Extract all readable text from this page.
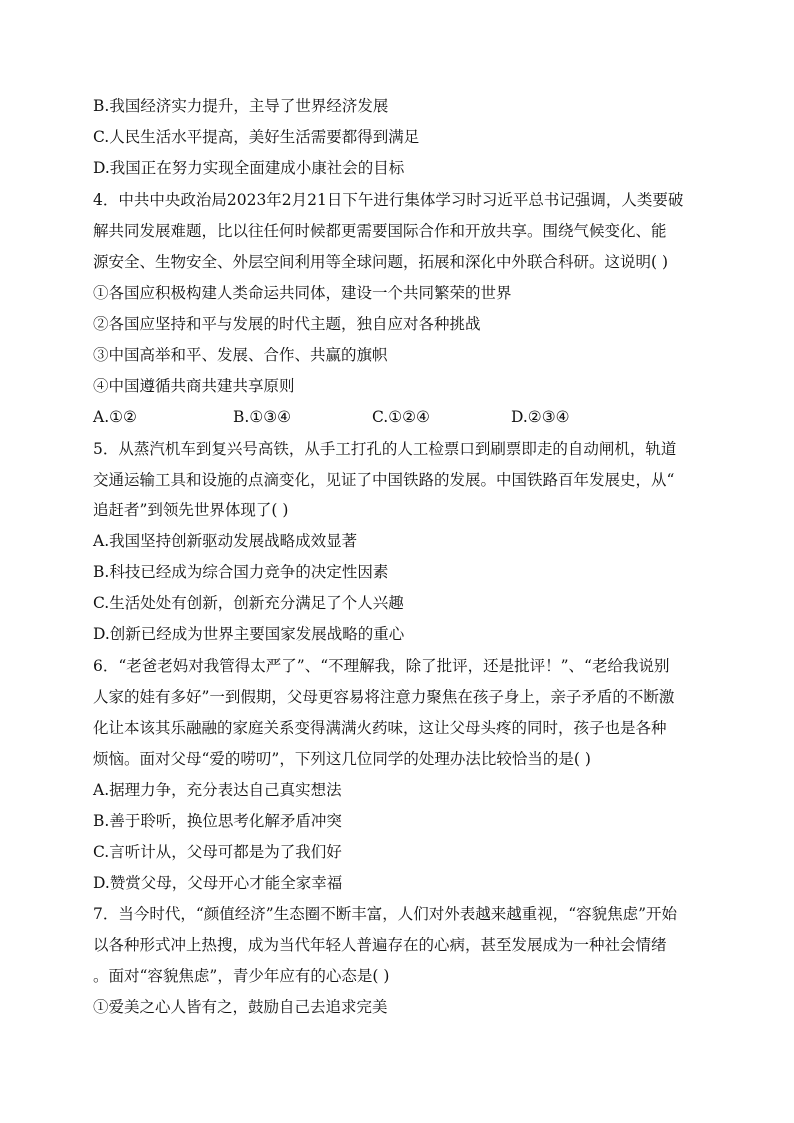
B.我国经济实力提升，主导了世界经济发展
C.人民生活水平提高，美好生活需要都得到满足
D.我国正在努力实现全面建成小康社会的目标
4．中共中央政治局2023年2月21日下午进行集体学习时习近平总书记强调，人类要破
解共同发展难题，比以往任何时候都更需要国际合作和开放共享。围绕气候变化、能
源安全、生物安全、外层空间利用等全球问题，拓展和深化中外联合科研。这说明( )
①各国应积极构建人类命运共同体，建设一个共同繁荣的世界
②各国应坚持和平与发展的时代主题，独自应对各种挑战
③中国高举和平、发展、合作、共赢的旗帜
④中国遵循共商共建共享原则
A.①②	B.①③④	C.①②④	D.②③④
5．从蒸汽机车到复兴号高铁，从手工打孔的人工检票口到刷票即走的自动闸机，轨道
交通运输工具和设施的点滴变化，见证了中国铁路的发展。中国铁路百年发展史，从“
追赶者”到领先世界体现了( )
A.我国坚持创新驱动发展战略成效显著
B.科技已经成为综合国力竞争的决定性因素
C.生活处处有创新，创新充分满足了个人兴趣
D.创新已经成为世界主要国家发展战略的重心
6．“老爸老妈对我管得太严了”、“不理解我，除了批评，还是批评！”、“老给我说别
人家的娃有多好”一到假期，父母更容易将注意力聚焦在孩子身上，亲子矛盾的不断激
化让本该其乐融融的家庭关系变得满满火药味，这让父母头疼的同时，孩子也是各种
烦恼。面对父母“爱的唠叨”，下列这几位同学的处理办法比较恰当的是( )
A.据理力争，充分表达自己真实想法
B.善于聆听，换位思考化解矛盾冲突
C.言听计从，父母可都是为了我们好
D.赞赏父母，父母开心才能全家幸福
7．当今时代，“颜值经济”生态圈不断丰富，人们对外表越来越重视，“容貌焦虑”开始
以各种形式冲上热搜，成为当代年轻人普遍存在的心病，甚至发展成为一种社会情绪
。面对“容貌焦虑”，青少年应有的心态是( )
①爱美之心人皆有之，鼓励自己去追求完美
